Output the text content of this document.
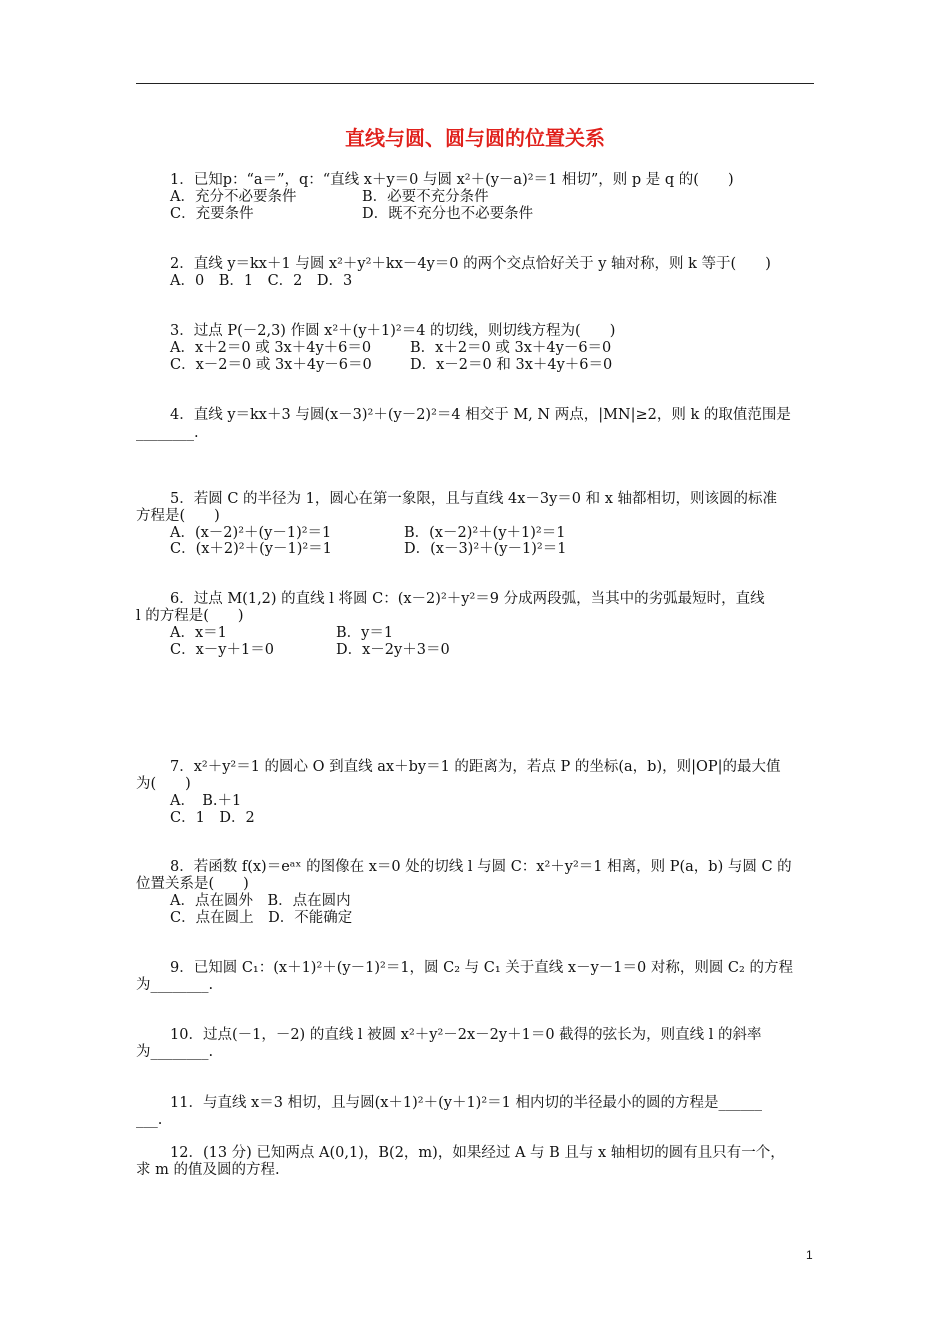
直线与圆、圆与圆的位置关系
1．已知p：“a＝”，q：“直线 x＋y＝0 与圆 x²＋(y－a)²＝1 相切”，则 p 是 q 的(　　)
A．充分不必要条件	B．必要不充分条件
C．充要条件	D．既不充分也不必要条件
2．直线 y＝kx＋1 与圆 x²＋y²＋kx－4y＝0 的两个交点恰好关于 y 轴对称，则 k 等于(　　)
A．0　B．1　C．2　D．3
3．过点 P(－2,3) 作圆 x²＋(y＋1)²＝4 的切线，则切线方程为(　　)
A．x＋2＝0 或 3x＋4y＋6＝0	B．x＋2＝0 或 3x＋4y－6＝0
C．x－2＝0 或 3x＋4y－6＝0	D．x－2＝0 和 3x＋4y＋6＝0
4．直线 y＝kx＋3 与圆(x－3)²＋(y－2)²＝4 相交于 M, N 两点，|MN|≥2，则 k 的取值范围是
________.
5．若圆 C 的半径为 1，圆心在第一象限，且与直线 4x－3y＝0 和 x 轴都相切，则该圆的标准
方程是(　　)
A．(x－2)²＋(y－1)²＝1	B．(x－2)²＋(y＋1)²＝1
C．(x＋2)²＋(y－1)²＝1	D．(x－3)²＋(y－1)²＝1
6．过点 M(1,2) 的直线 l 将圆 C：(x－2)²＋y²＝9 分成两段弧，当其中的劣弧最短时，直线
l 的方程是(　　)
A．x＝1	B．y＝1
C．x－y＋1＝0	D．x－2y＋3＝0
7．x²＋y²＝1 的圆心 O 到直线 ax＋by＝1 的距离为，若点 P 的坐标(a，b)，则|OP|的最大值
为(　　)
A．　B.＋1
C．1　D．2
8．若函数 f(x)＝eᵃˣ 的图像在 x＝0 处的切线 l 与圆 C：x²＋y²＝1 相离，则 P(a，b) 与圆 C 的
位置关系是(　　)
A．点在圆外　B．点在圆内
C．点在圆上　D．不能确定
9．已知圆 C₁：(x＋1)²＋(y－1)²＝1，圆 C₂ 与 C₁ 关于直线 x－y－1＝0 对称，则圆 C₂ 的方程
为________.
10．过点(－1，－2) 的直线 l 被圆 x²＋y²－2x－2y＋1＝0 截得的弦长为，则直线 l 的斜率
为________.
11．与直线 x＝3 相切，且与圆(x＋1)²＋(y＋1)²＝1 相内切的半径最小的圆的方程是______
___.
12．(13 分) 已知两点 A(0,1)，B(2，m)，如果经过 A 与 B 且与 x 轴相切的圆有且只有一个，
求 m 的值及圆的方程.
1
